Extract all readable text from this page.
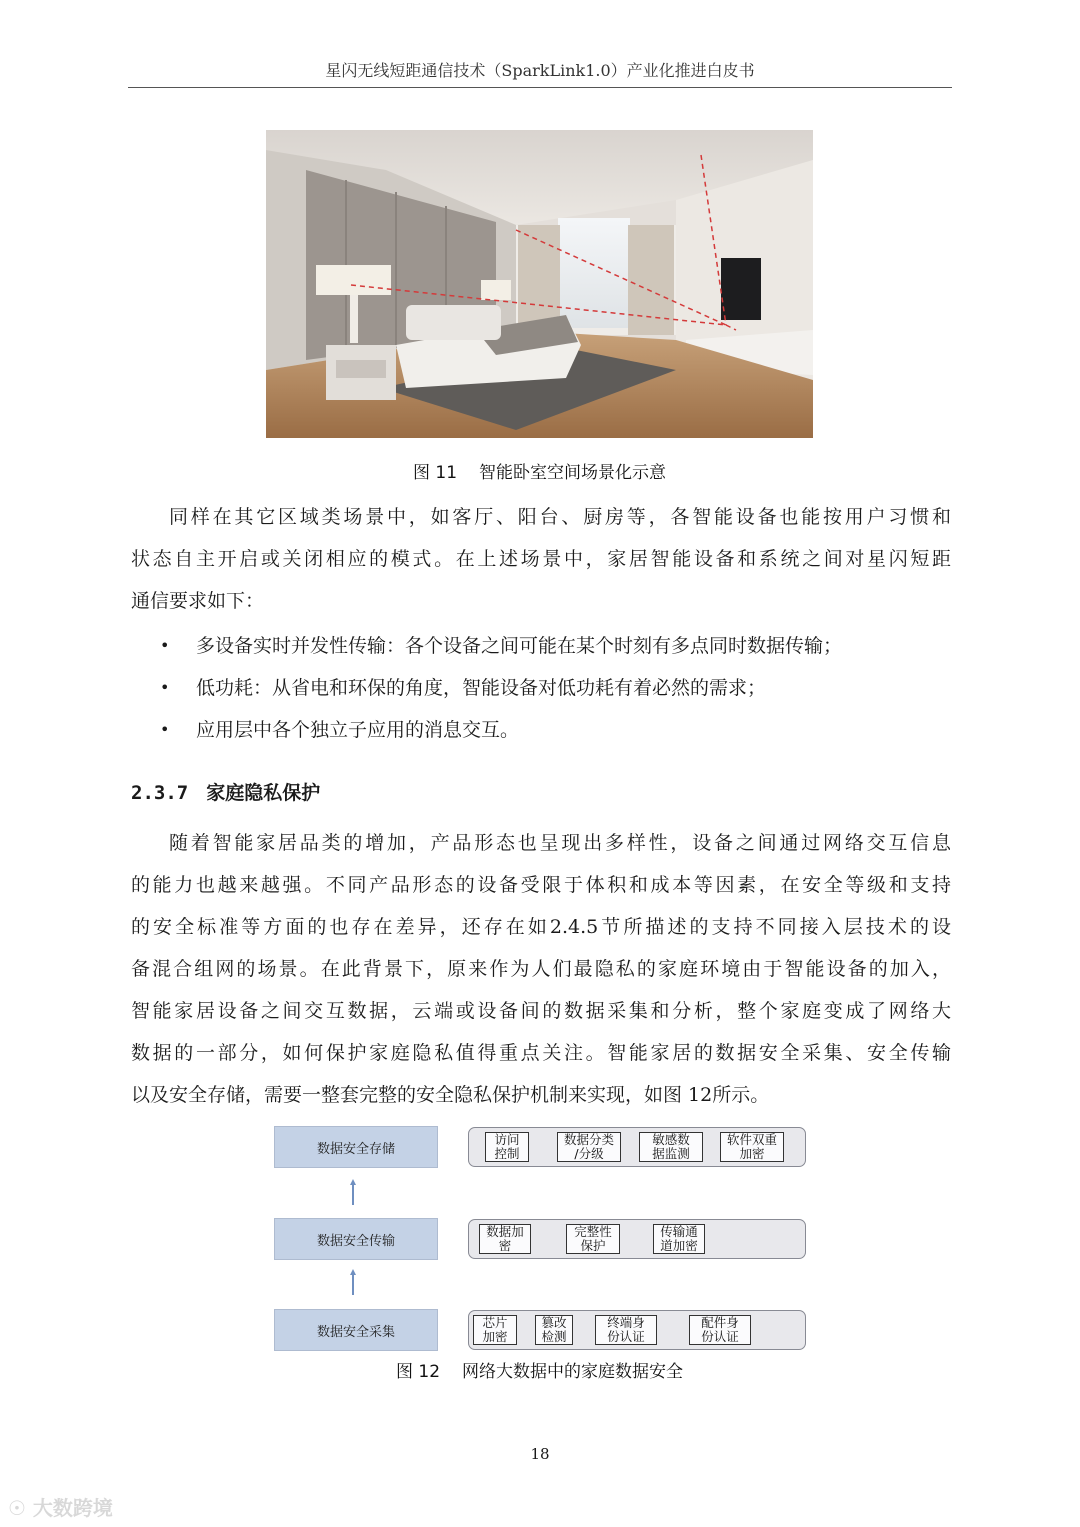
星闪无线短距通信技术（SparkLink1.0）产业化推进白皮书
图 11 智能卧室空间场景化示意
同样在其它区域类场景中，如客厅、阳台、厨房等，各智能设备也能按用户习惯和
状态自主开启或关闭相应的模式。在上述场景中，家居智能设备和系统之间对星闪短距
通信要求如下：
• 多设备实时并发性传输：各个设备之间可能在某个时刻有多点同时数据传输；
• 低功耗：从省电和环保的角度，智能设备对低功耗有着必然的需求；
• 应用层中各个独立子应用的消息交互。
2.3.7 家庭隐私保护
随着智能家居品类的增加，产品形态也呈现出多样性，设备之间通过网络交互信息
的能力也越来越强。不同产品形态的设备受限于体积和成本等因素，在安全等级和支持
的安全标准等方面的也存在差异，还存在如2.4.5节所描述的支持不同接入层技术的设
备混合组网的场景。在此背景下，原来作为人们最隐私的家庭环境由于智能设备的加入，
智能家居设备之间交互数据，云端或设备间的数据采集和分析，整个家庭变成了网络大
数据的一部分，如何保护家庭隐私值得重点关注。智能家居的数据安全采集、安全传输
以及安全存储，需要一整套完整的安全隐私保护机制来实现，如图 12所示。
数据安全存储
访问
控制
数据分类
/分级
敏感数
据监测
软件双重
加密
数据安全传输
数据加
密
完整性
保护
传输通
道加密
数据安全采集
芯片
加密
篡改
检测
终端身
份认证
配件身
份认证
图 12 网络大数据中的家庭数据安全
18
☉ 大数跨境
